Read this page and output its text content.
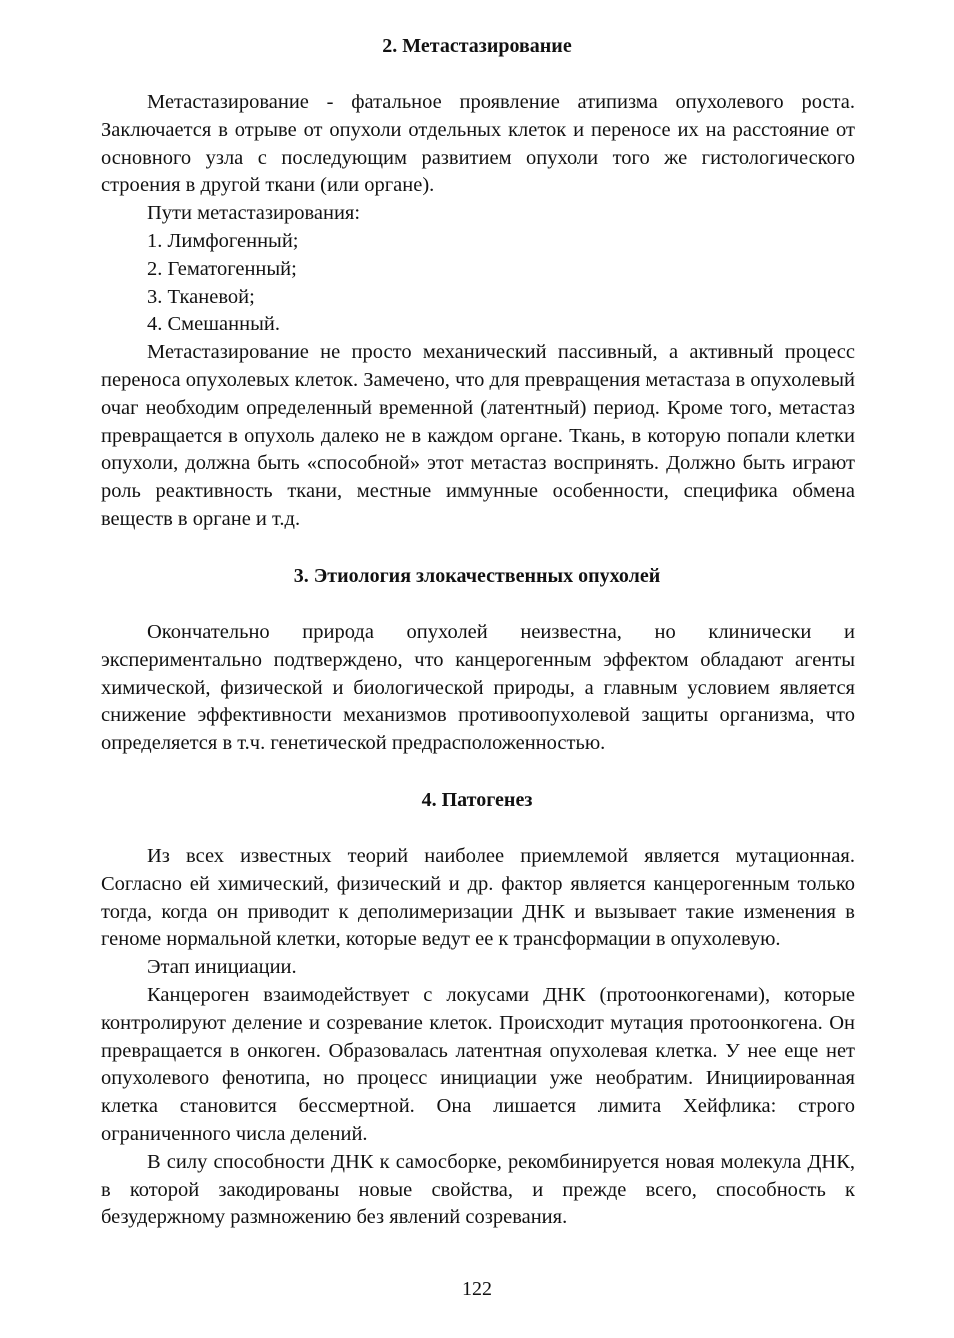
2. Метастазирование

Метастазирование - фатальное проявление атипизма опухолевого роста. Заключается в отрыве от опухоли отдельных клеток и переносе их на расстояние от основного узла с последующим развитием опухоли того же гистологического строения в другой ткани (или органе).

Пути метастазирования:

1. Лимфогенный;

2. Гематогенный;

3. Тканевой;

4. Смешанный.

Метастазирование не просто механический пассивный, а активный процесс переноса опухолевых клеток. Замечено, что для превращения метастаза в опухолевый очаг необходим определенный временной (латентный) период. Кроме того, метастаз превращается в опухоль далеко не в каждом органе. Ткань, в которую попали клетки опухоли, должна быть «способной» этот метастаз воспринять. Должно быть играют роль реактивность ткани, местные иммунные особенности, специфика обмена веществ в органе и т.д.

3. Этиология злокачественных опухолей

Окончательно природа опухолей неизвестна, но клинически и экспериментально подтверждено, что канцерогенным эффектом обладают агенты химической, физической и биологической природы, а главным условием является снижение эффективности механизмов противоопухолевой защиты организма, что определяется в т.ч. генетической предрасположенностью.

4. Патогенез

Из всех известных теорий наиболее приемлемой является мутационная. Согласно ей химический, физический и др. фактор является канцерогенным только тогда, когда он приводит к деполимеризации ДНК и вызывает такие изменения в геноме нормальной клетки, которые ведут ее к трансформации в опухолевую.

Этап инициации.

Канцероген взаимодействует с локусами ДНК (протоонкогенами), которые контролируют деление и созревание клеток. Происходит мутация протоонкогена. Он превращается в онкоген. Образовалась латентная опухолевая клетка. У нее еще нет опухолевого фенотипа, но процесс инициации уже необратим. Инициированная клетка становится бессмертной. Она лишается лимита Хейфлика: строго ограниченного числа делений.

В силу способности ДНК к самосборке, рекомбинируется новая молекула ДНК, в которой закодированы новые свойства, и прежде всего, способность к безудержному размножению без явлений созревания.

122
